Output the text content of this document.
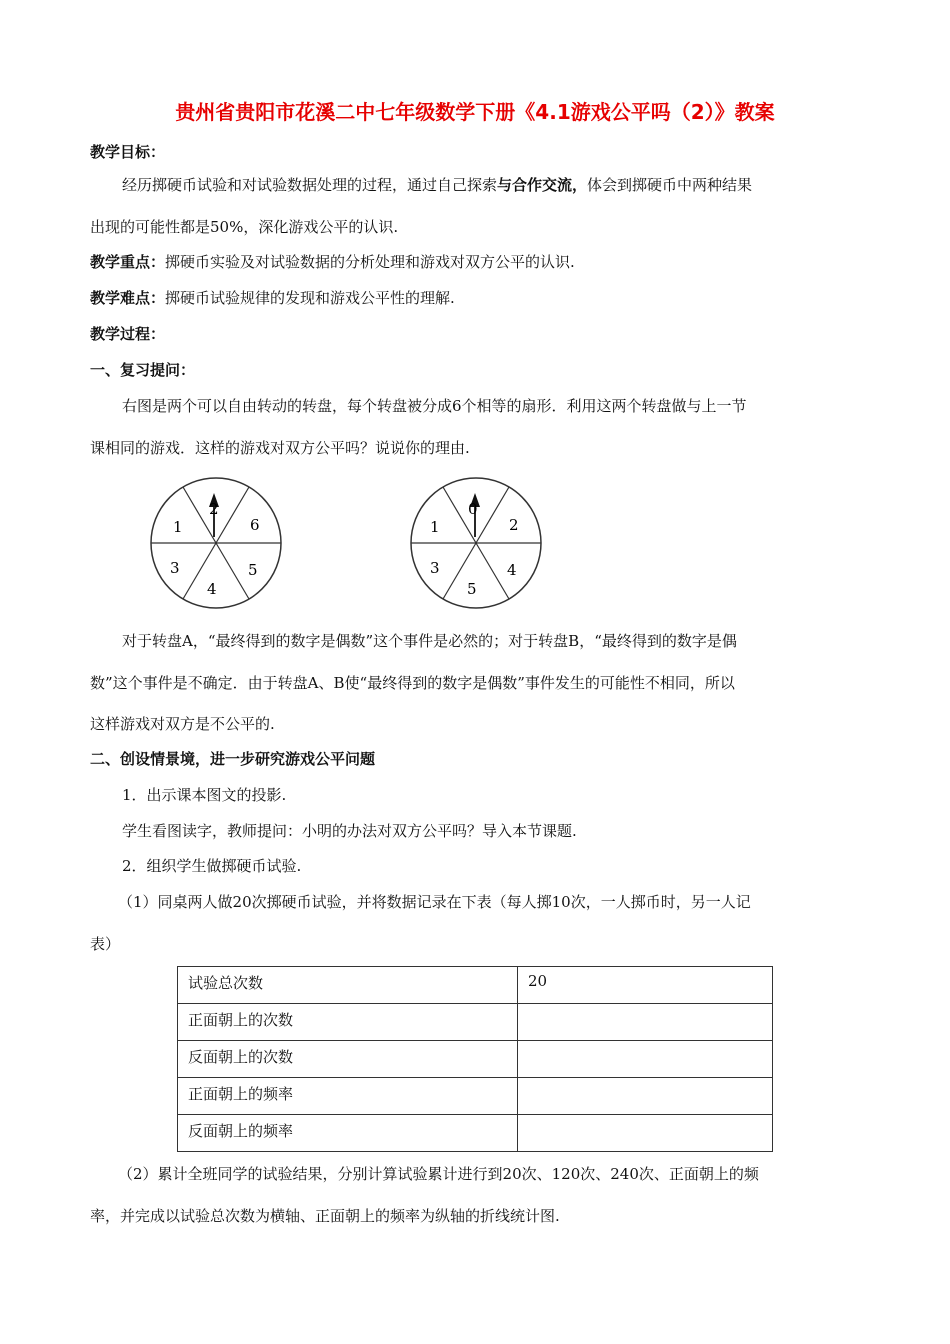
贵州省贵阳市花溪二中七年级数学下册《4.1游戏公平吗（2）》教案
教学目标：
经历掷硬币试验和对试验数据处理的过程，通过自己探索与合作交流，体会到掷硬币中两种结果
出现的可能性都是50%，深化游戏公平的认识.
教学重点：掷硬币实验及对试验数据的分析处理和游戏对双方公平的认识.
教学难点：掷硬币试验规律的发现和游戏公平性的理解.
教学过程：
一、复习提问：
右图是两个可以自由转动的转盘，每个转盘被分成6个相等的扇形．利用这两个转盘做与上一节
课相同的游戏．这样的游戏对双方公平吗？说说你的理由.
1
2
6
3
4
5
1
0
2
3
5
4
对于转盘A，“最终得到的数字是偶数”这个事件是必然的；对于转盘B，“最终得到的数字是偶
数”这个事件是不确定．由于转盘A、B使“最终得到的数字是偶数”事件发生的可能性不相同，所以
这样游戏对双方是不公平的.
二、创设情景境，进一步研究游戏公平问题
1．出示课本图文的投影.
学生看图读字，教师提问：小明的办法对双方公平吗？导入本节课题.
2．组织学生做掷硬币试验.
（1）同桌两人做20次掷硬币试验，并将数据记录在下表（每人掷10次，一人掷币时，另一人记
表）
试验总次数	20
正面朝上的次数	
反面朝上的次数	
正面朝上的频率	
反面朝上的频率	
（2）累计全班同学的试验结果，分别计算试验累计进行到20次、120次、240次、正面朝上的频
率，并完成以试验总次数为横轴、正面朝上的频率为纵轴的折线统计图.
